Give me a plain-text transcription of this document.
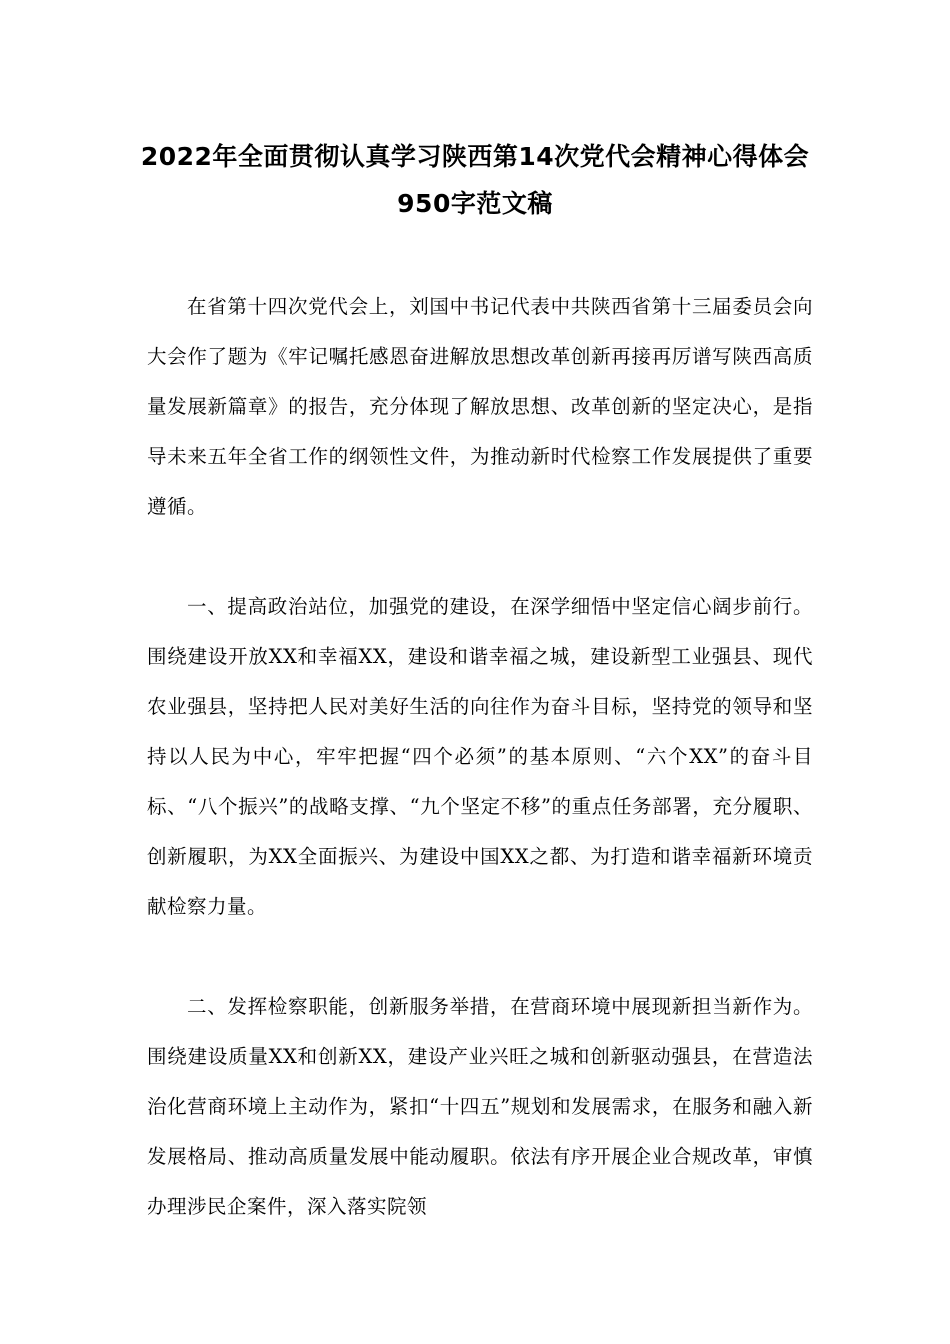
2022年全面贯彻认真学习陕西第14次党代会精神心得体会950字范文稿

在省第十四次党代会上，刘国中书记代表中共陕西省第十三届委员会向大会作了题为《牢记嘱托感恩奋进解放思想改革创新再接再厉谱写陕西高质量发展新篇章》的报告，充分体现了解放思想、改革创新的坚定决心，是指导未来五年全省工作的纲领性文件，为推动新时代检察工作发展提供了重要遵循。

一、提高政治站位，加强党的建设，在深学细悟中坚定信心阔步前行。围绕建设开放XX和幸福XX，建设和谐幸福之城，建设新型工业强县、现代农业强县，坚持把人民对美好生活的向往作为奋斗目标，坚持党的领导和坚持以人民为中心，牢牢把握“四个必须”的基本原则、“六个XX”的奋斗目标、“八个振兴”的战略支撑、“九个坚定不移”的重点任务部署，充分履职、创新履职，为XX全面振兴、为建设中国XX之都、为打造和谐幸福新环境贡献检察力量。

二、发挥检察职能，创新服务举措，在营商环境中展现新担当新作为。围绕建设质量XX和创新XX，建设产业兴旺之城和创新驱动强县，在营造法治化营商环境上主动作为，紧扣“十四五”规划和发展需求，在服务和融入新发展格局、推动高质量发展中能动履职。依法有序开展企业合规改革，审慎办理涉民企案件，深入落实院领
